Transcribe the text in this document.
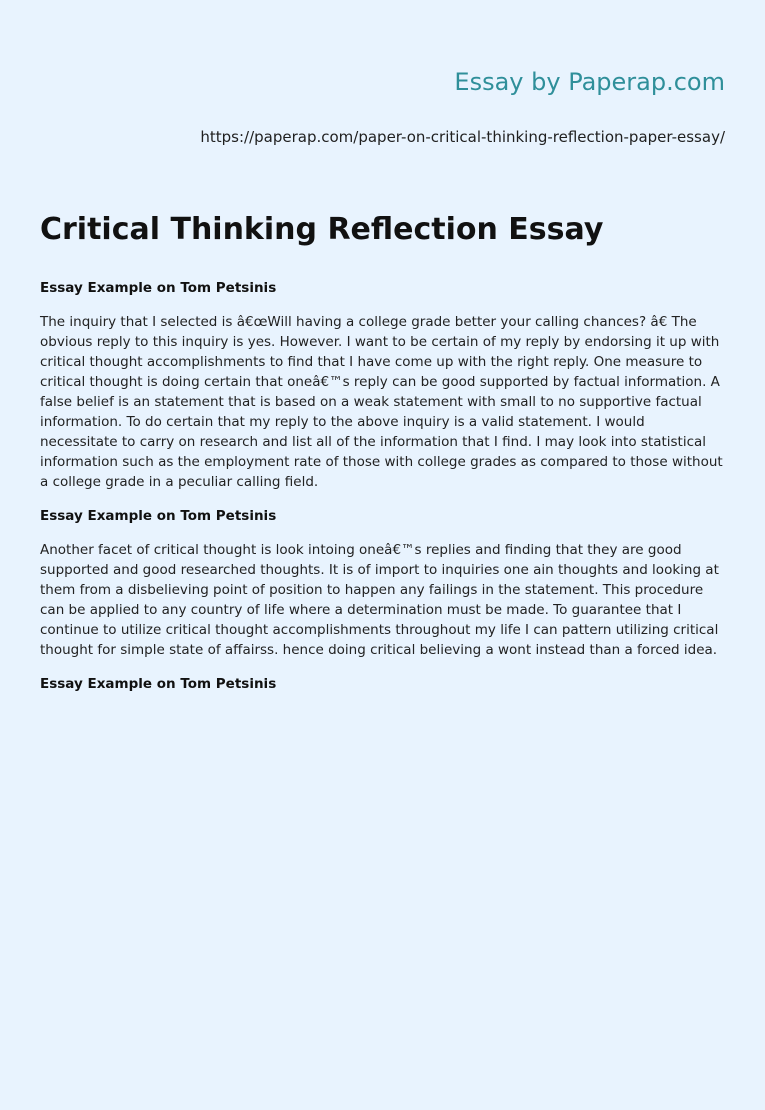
Essay by Paperap.com
https://paperap.com/paper-on-critical-thinking-reflection-paper-essay/
Critical Thinking Reflection Essay

Essay Example on Tom Petsinis

The inquiry that I selected is â€œWill having a college grade better your calling chances? â€ The obvious reply to this inquiry is yes. However. I want to be certain of my reply by endorsing it up with critical thought accomplishments to find that I have come up with the right reply. One measure to critical thought is doing certain that oneâ€™s reply can be good supported by factual information. A false belief is an statement that is based on a weak statement with small to no supportive factual information. To do certain that my reply to the above inquiry is a valid statement. I would necessitate to carry on research and list all of the information that I find. I may look into statistical information such as the employment rate of those with college grades as compared to those without a college grade in a peculiar calling field.

Essay Example on Tom Petsinis

Another facet of critical thought is look intoing oneâ€™s replies and finding that they are good supported and good researched thoughts. It is of import to inquiries one ain thoughts and looking at them from a disbelieving point of position to happen any failings in the statement. This procedure can be applied to any country of life where a determination must be made. To guarantee that I continue to utilize critical thought accomplishments throughout my life I can pattern utilizing critical thought for simple state of affairss. hence doing critical believing a wont instead than a forced idea.

Essay Example on Tom Petsinis
